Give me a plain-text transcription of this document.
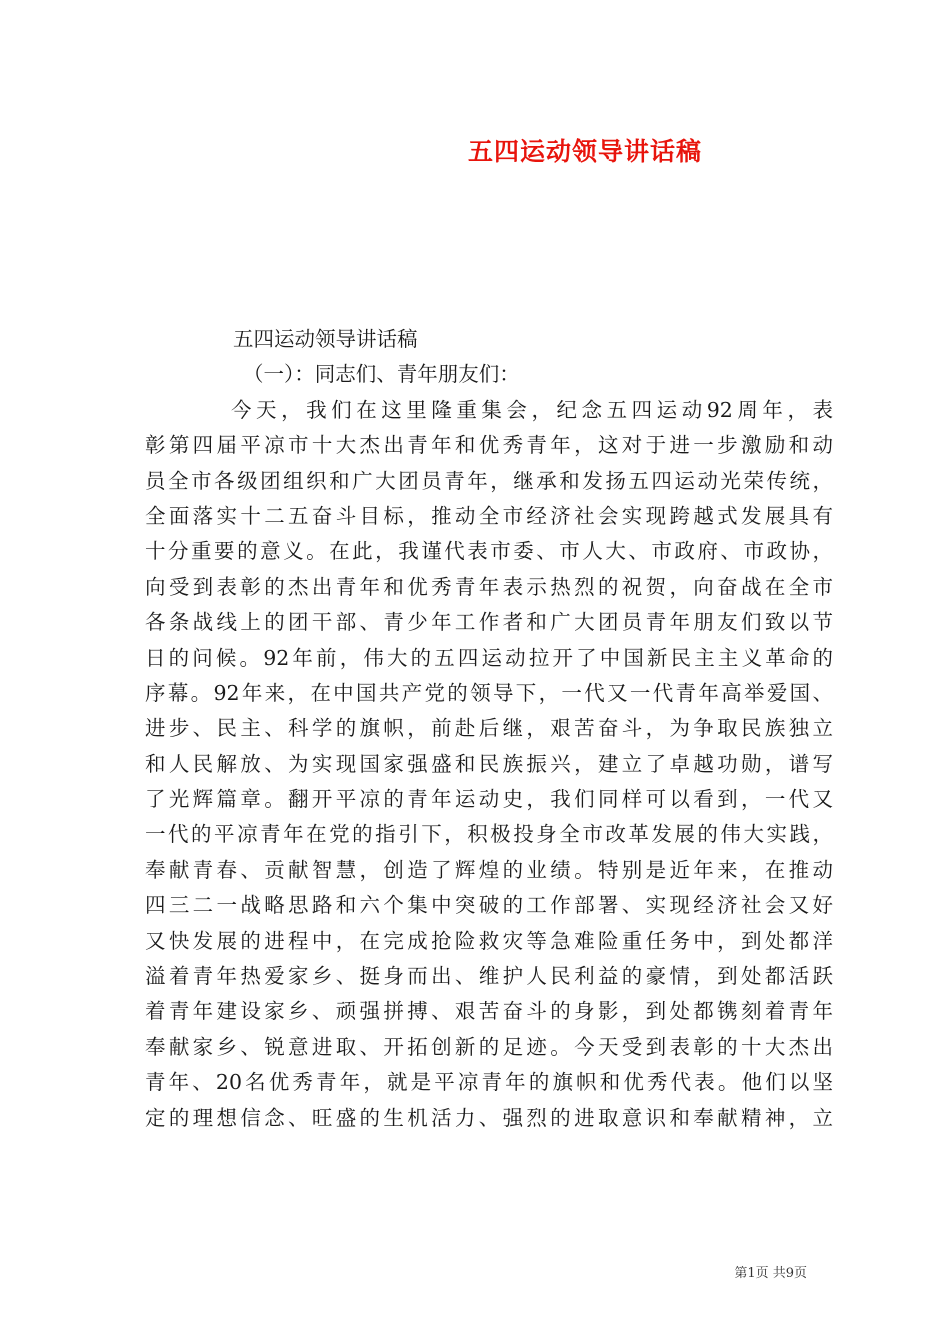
五四运动领导讲话稿
五四运动领导讲话稿
（一）：同志们、青年朋友们：
今天，我们在这里隆重集会，纪念五四运动92周年，表
彰第四届平凉市十大杰出青年和优秀青年，这对于进一步激励和动
员全市各级团组织和广大团员青年，继承和发扬五四运动光荣传统，
全面落实十二五奋斗目标，推动全市经济社会实现跨越式发展具有
十分重要的意义。在此，我谨代表市委、市人大、市政府、市政协，
向受到表彰的杰出青年和优秀青年表示热烈的祝贺，向奋战在全市
各条战线上的团干部、青少年工作者和广大团员青年朋友们致以节
日的问候。92年前，伟大的五四运动拉开了中国新民主主义革命的
序幕。92年来，在中国共产党的领导下，一代又一代青年高举爱国、
进步、民主、科学的旗帜，前赴后继，艰苦奋斗，为争取民族独立
和人民解放、为实现国家强盛和民族振兴，建立了卓越功勋，谱写
了光辉篇章。翻开平凉的青年运动史，我们同样可以看到，一代又
一代的平凉青年在党的指引下，积极投身全市改革发展的伟大实践，
奉献青春、贡献智慧，创造了辉煌的业绩。特别是近年来，在推动
四三二一战略思路和六个集中突破的工作部署、实现经济社会又好
又快发展的进程中，在完成抢险救灾等急难险重任务中，到处都洋
溢着青年热爱家乡、挺身而出、维护人民利益的豪情，到处都活跃
着青年建设家乡、顽强拼搏、艰苦奋斗的身影，到处都镌刻着青年
奉献家乡、锐意进取、开拓创新的足迹。今天受到表彰的十大杰出
青年、20名优秀青年，就是平凉青年的旗帜和优秀代表。他们以坚
定的理想信念、旺盛的生机活力、强烈的进取意识和奉献精神，立
第1页 共9页
